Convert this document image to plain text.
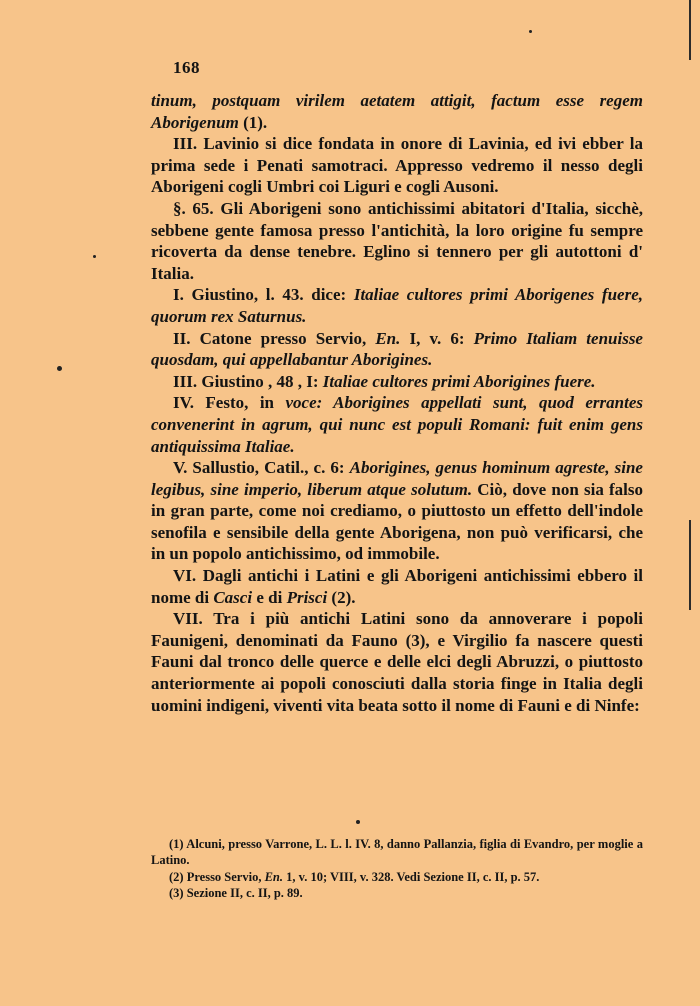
168

tinum, postquam virilem aetatem attigit, factum esse regem Aborigenum (1).

III. Lavinio si dice fondata in onore di Lavinia, ed ivi ebber la prima sede i Penati samotraci. Appresso vedremo il nesso degli Aborigeni cogli Umbri coi Liguri e cogli Ausoni.

§. 65. Gli Aborigeni sono antichissimi abitatori d'Italia, sicchè, sebbene gente famosa presso l'antichità, la loro origine fu sempre ricoverta da dense tenebre. Eglino si tennero per gli autottoni d' Italia.

I. Giustino, l. 43. dice: Italiae cultores primi Aborigenes fuere, quorum rex Saturnus.

II. Catone presso Servio, En. I, v. 6: Primo Italiam tenuisse quosdam, qui appellabantur Aborigines.

III. Giustino , 48 , I: Italiae cultores primi Aborigines fuere.

IV. Festo, in voce: Aborigines appellati sunt, quod errantes convenerint in agrum, qui nunc est populi Romani: fuit enim gens antiquissima Italiae.

V. Sallustio, Catil., c. 6: Aborigines, genus hominum agreste, sine legibus, sine imperio, liberum atque solutum. Ciò, dove non sia falso in gran parte, come noi crediamo, o piuttosto un effetto dell'indole senofila e sensibile della gente Aborigena, non può verificarsi, che in un popolo antichissimo, od immobile.

VI. Dagli antichi i Latini e gli Aborigeni antichissimi ebbero il nome di Casci e di Prisci (2).

VII. Tra i più antichi Latini sono da annoverare i popoli Faunigeni, denominati da Fauno (3), e Virgilio fa nascere questi Fauni dal tronco delle querce e delle elci degli Abruzzi, o piuttosto anteriormente ai popoli conosciuti dalla storia finge in Italia degli uomini indigeni, viventi vita beata sotto il nome di Fauni e di Ninfe:

(1) Alcuni, presso Varrone, L. L. l. IV. 8, danno Pallanzia, figlia di Evandro, per moglie a Latino.

(2) Presso Servio, En. 1, v. 10; VIII, v. 328. Vedi Sezione II, c. II, p. 57.

(3) Sezione II, c. II, p. 89.
